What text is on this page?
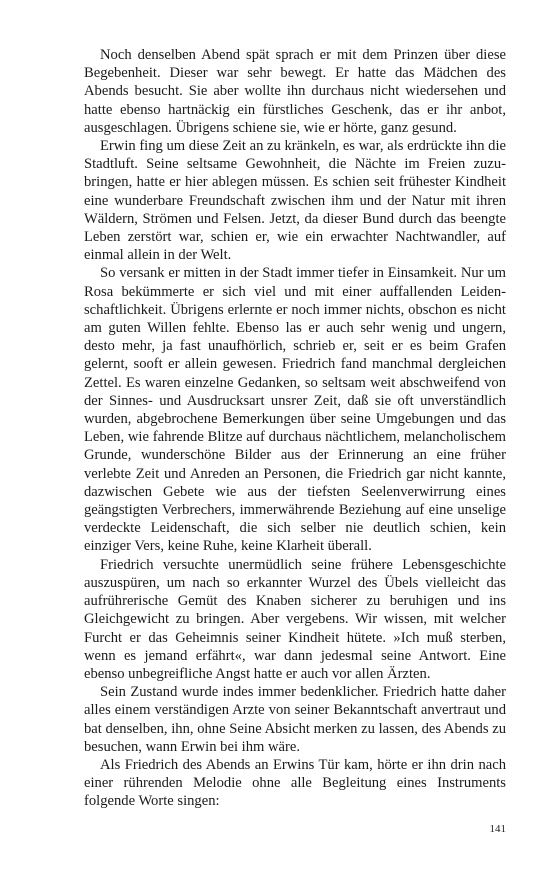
Noch denselben Abend spät sprach er mit dem Prinzen über diese Begebenheit. Dieser war sehr bewegt. Er hatte das Mädchen des Abends besucht. Sie aber wollte ihn durchaus nicht wiedersehen und hatte ebenso hartnäckig ein fürstliches Geschenk, das er ihr anbot, ausgeschlagen. Übrigens schiene sie, wie er hörte, ganz gesund.

Erwin fing um diese Zeit an zu kränkeln, es war, als erdrückte ihn die Stadtluft. Seine seltsame Gewohnheit, die Nächte im Freien zuzubringen, hatte er hier ablegen müssen. Es schien seit frühester Kindheit eine wunderbare Freundschaft zwischen ihm und der Natur mit ihren Wäldern, Strömen und Felsen. Jetzt, da dieser Bund durch das beengte Leben zerstört war, schien er, wie ein erwachter Nachtwandler, auf einmal allein in der Welt.

So versank er mitten in der Stadt immer tiefer in Einsamkeit. Nur um Rosa bekümmerte er sich viel und mit einer auffallenden Leidenschaftlichkeit. Übrigens erlernte er noch immer nichts, obschon es nicht am guten Willen fehlte. Ebenso las er auch sehr wenig und ungern, desto mehr, ja fast unaufhörlich, schrieb er, seit er es beim Grafen gelernt, sooft er allein gewesen. Friedrich fand manchmal dergleichen Zettel. Es waren einzelne Gedanken, so seltsam weit abschweifend von der Sinnes- und Ausdrucksart unsrer Zeit, daß sie oft unverständlich wurden, abgebrochene Bemerkungen über seine Umgebungen und das Leben, wie fahrende Blitze auf durchaus nächtlichem, melancholischem Grunde, wunderschöne Bilder aus der Erinnerung an eine früher verlebte Zeit und Anreden an Personen, die Friedrich gar nicht kannte, dazwischen Gebete wie aus der tiefsten Seelenverwirrung eines geängstigten Verbrechers, immerwährende Beziehung auf eine unselige verdeckte Leidenschaft, die sich selber nie deutlich schien, kein einziger Vers, keine Ruhe, keine Klarheit überall.

Friedrich versuchte unermüdlich seine frühere Lebensgeschichte auszuspüren, um nach so erkannter Wurzel des Übels vielleicht das aufrührerische Gemüt des Knaben sicherer zu beruhigen und ins Gleichgewicht zu bringen. Aber vergebens. Wir wissen, mit welcher Furcht er das Geheimnis seiner Kindheit hütete. »Ich muß sterben, wenn es jemand erfährt«, war dann jedesmal seine Antwort. Eine ebenso unbegreifliche Angst hatte er auch vor allen Ärzten.

Sein Zustand wurde indes immer bedenklicher. Friedrich hatte daher alles einem verständigen Arzte von seiner Bekanntschaft anvertraut und bat denselben, ihn, ohne Seine Absicht merken zu lassen, des Abends zu besuchen, wann Erwin bei ihm wäre.

Als Friedrich des Abends an Erwins Tür kam, hörte er ihn drin nach einer rührenden Melodie ohne alle Begleitung eines Instruments folgende Worte singen:

141
